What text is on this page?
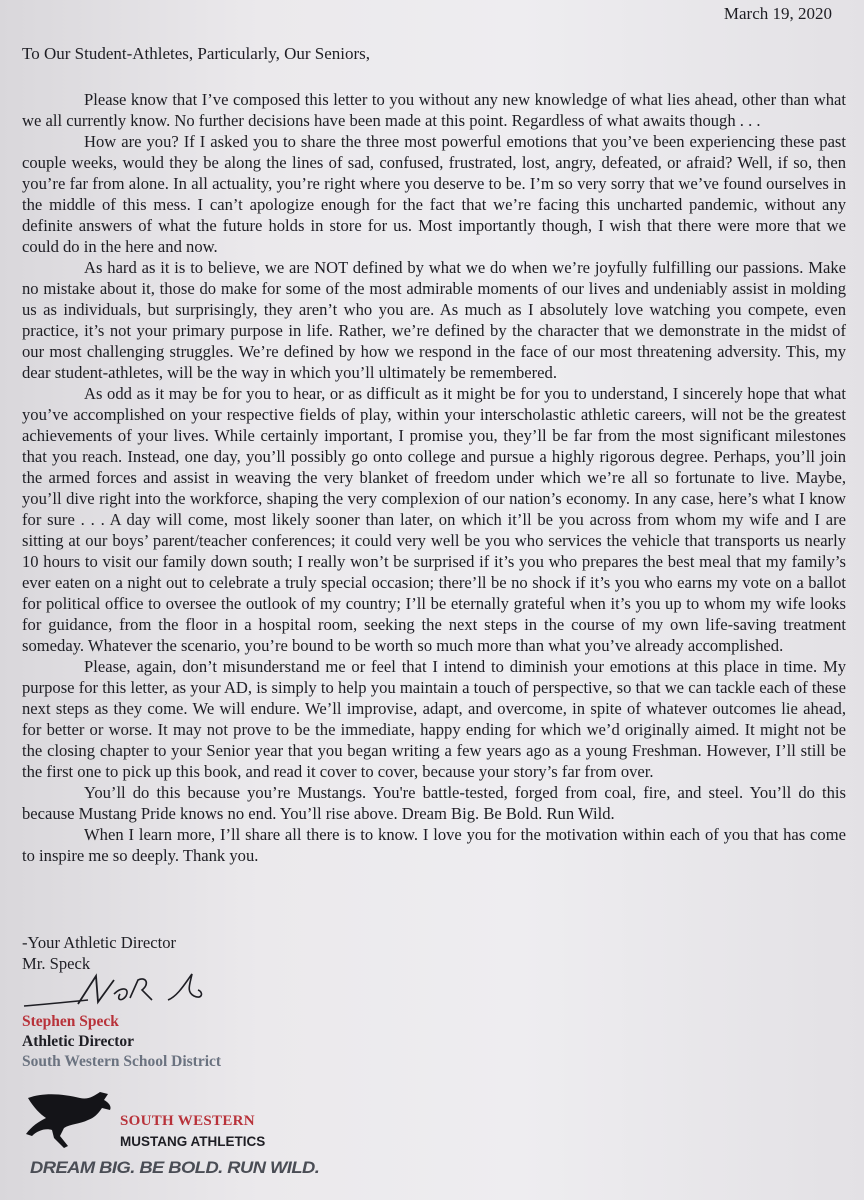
March 19, 2020
To Our Student-Athletes, Particularly, Our Seniors,

Please know that I’ve composed this letter to you without any new knowledge of what lies ahead, other than what we all currently know. No further decisions have been made at this point. Regardless of what awaits though . . .

How are you? If I asked you to share the three most powerful emotions that you’ve been experiencing these past couple weeks, would they be along the lines of sad, confused, frustrated, lost, angry, defeated, or afraid? Well, if so, then you’re far from alone. In all actuality, you’re right where you deserve to be. I’m so very sorry that we’ve found ourselves in the middle of this mess. I can’t apologize enough for the fact that we’re facing this uncharted pandemic, without any definite answers of what the future holds in store for us. Most importantly though, I wish that there were more that we could do in the here and now.

As hard as it is to believe, we are NOT defined by what we do when we’re joyfully fulfilling our passions. Make no mistake about it, those do make for some of the most admirable moments of our lives and undeniably assist in molding us as individuals, but surprisingly, they aren’t who you are. As much as I absolutely love watching you compete, even practice, it’s not your primary purpose in life. Rather, we’re defined by the character that we demonstrate in the midst of our most challenging struggles. We’re defined by how we respond in the face of our most threatening adversity. This, my dear student-athletes, will be the way in which you’ll ultimately be remembered.

As odd as it may be for you to hear, or as difficult as it might be for you to understand, I sincerely hope that what you’ve accomplished on your respective fields of play, within your interscholastic athletic careers, will not be the greatest achievements of your lives. While certainly important, I promise you, they’ll be far from the most significant milestones that you reach. Instead, one day, you’ll possibly go onto college and pursue a highly rigorous degree. Perhaps, you’ll join the armed forces and assist in weaving the very blanket of freedom under which we’re all so fortunate to live. Maybe, you’ll dive right into the workforce, shaping the very complexion of our nation’s economy. In any case, here’s what I know for sure . . . A day will come, most likely sooner than later, on which it’ll be you across from whom my wife and I are sitting at our boys’ parent/teacher conferences; it could very well be you who services the vehicle that transports us nearly 10 hours to visit our family down south; I really won’t be surprised if it’s you who prepares the best meal that my family’s ever eaten on a night out to celebrate a truly special occasion; there’ll be no shock if it’s you who earns my vote on a ballot for political office to oversee the outlook of my country; I’ll be eternally grateful when it’s you up to whom my wife looks for guidance, from the floor in a hospital room, seeking the next steps in the course of my own life-saving treatment someday. Whatever the scenario, you’re bound to be worth so much more than what you’ve already accomplished.

Please, again, don’t misunderstand me or feel that I intend to diminish your emotions at this place in time. My purpose for this letter, as your AD, is simply to help you maintain a touch of perspective, so that we can tackle each of these next steps as they come. We will endure. We’ll improvise, adapt, and overcome, in spite of whatever outcomes lie ahead, for better or worse. It may not prove to be the immediate, happy ending for which we’d originally aimed. It might not be the closing chapter to your Senior year that you began writing a few years ago as a young Freshman. However, I’ll still be the first one to pick up this book, and read it cover to cover, because your story’s far from over.

You’ll do this because you’re Mustangs. You're battle-tested, forged from coal, fire, and steel. You’ll do this because Mustang Pride knows no end. You’ll rise above. Dream Big. Be Bold. Run Wild.

When I learn more, I’ll share all there is to know. I love you for the motivation within each of you that has come to inspire me so deeply. Thank you.

-Your Athletic Director
Mr. Speck
Stephen Speck
Athletic Director
South Western School District
SOUTH WESTERN
MUSTANG ATHLETICS
DREAM BIG. BE BOLD. RUN WILD.
